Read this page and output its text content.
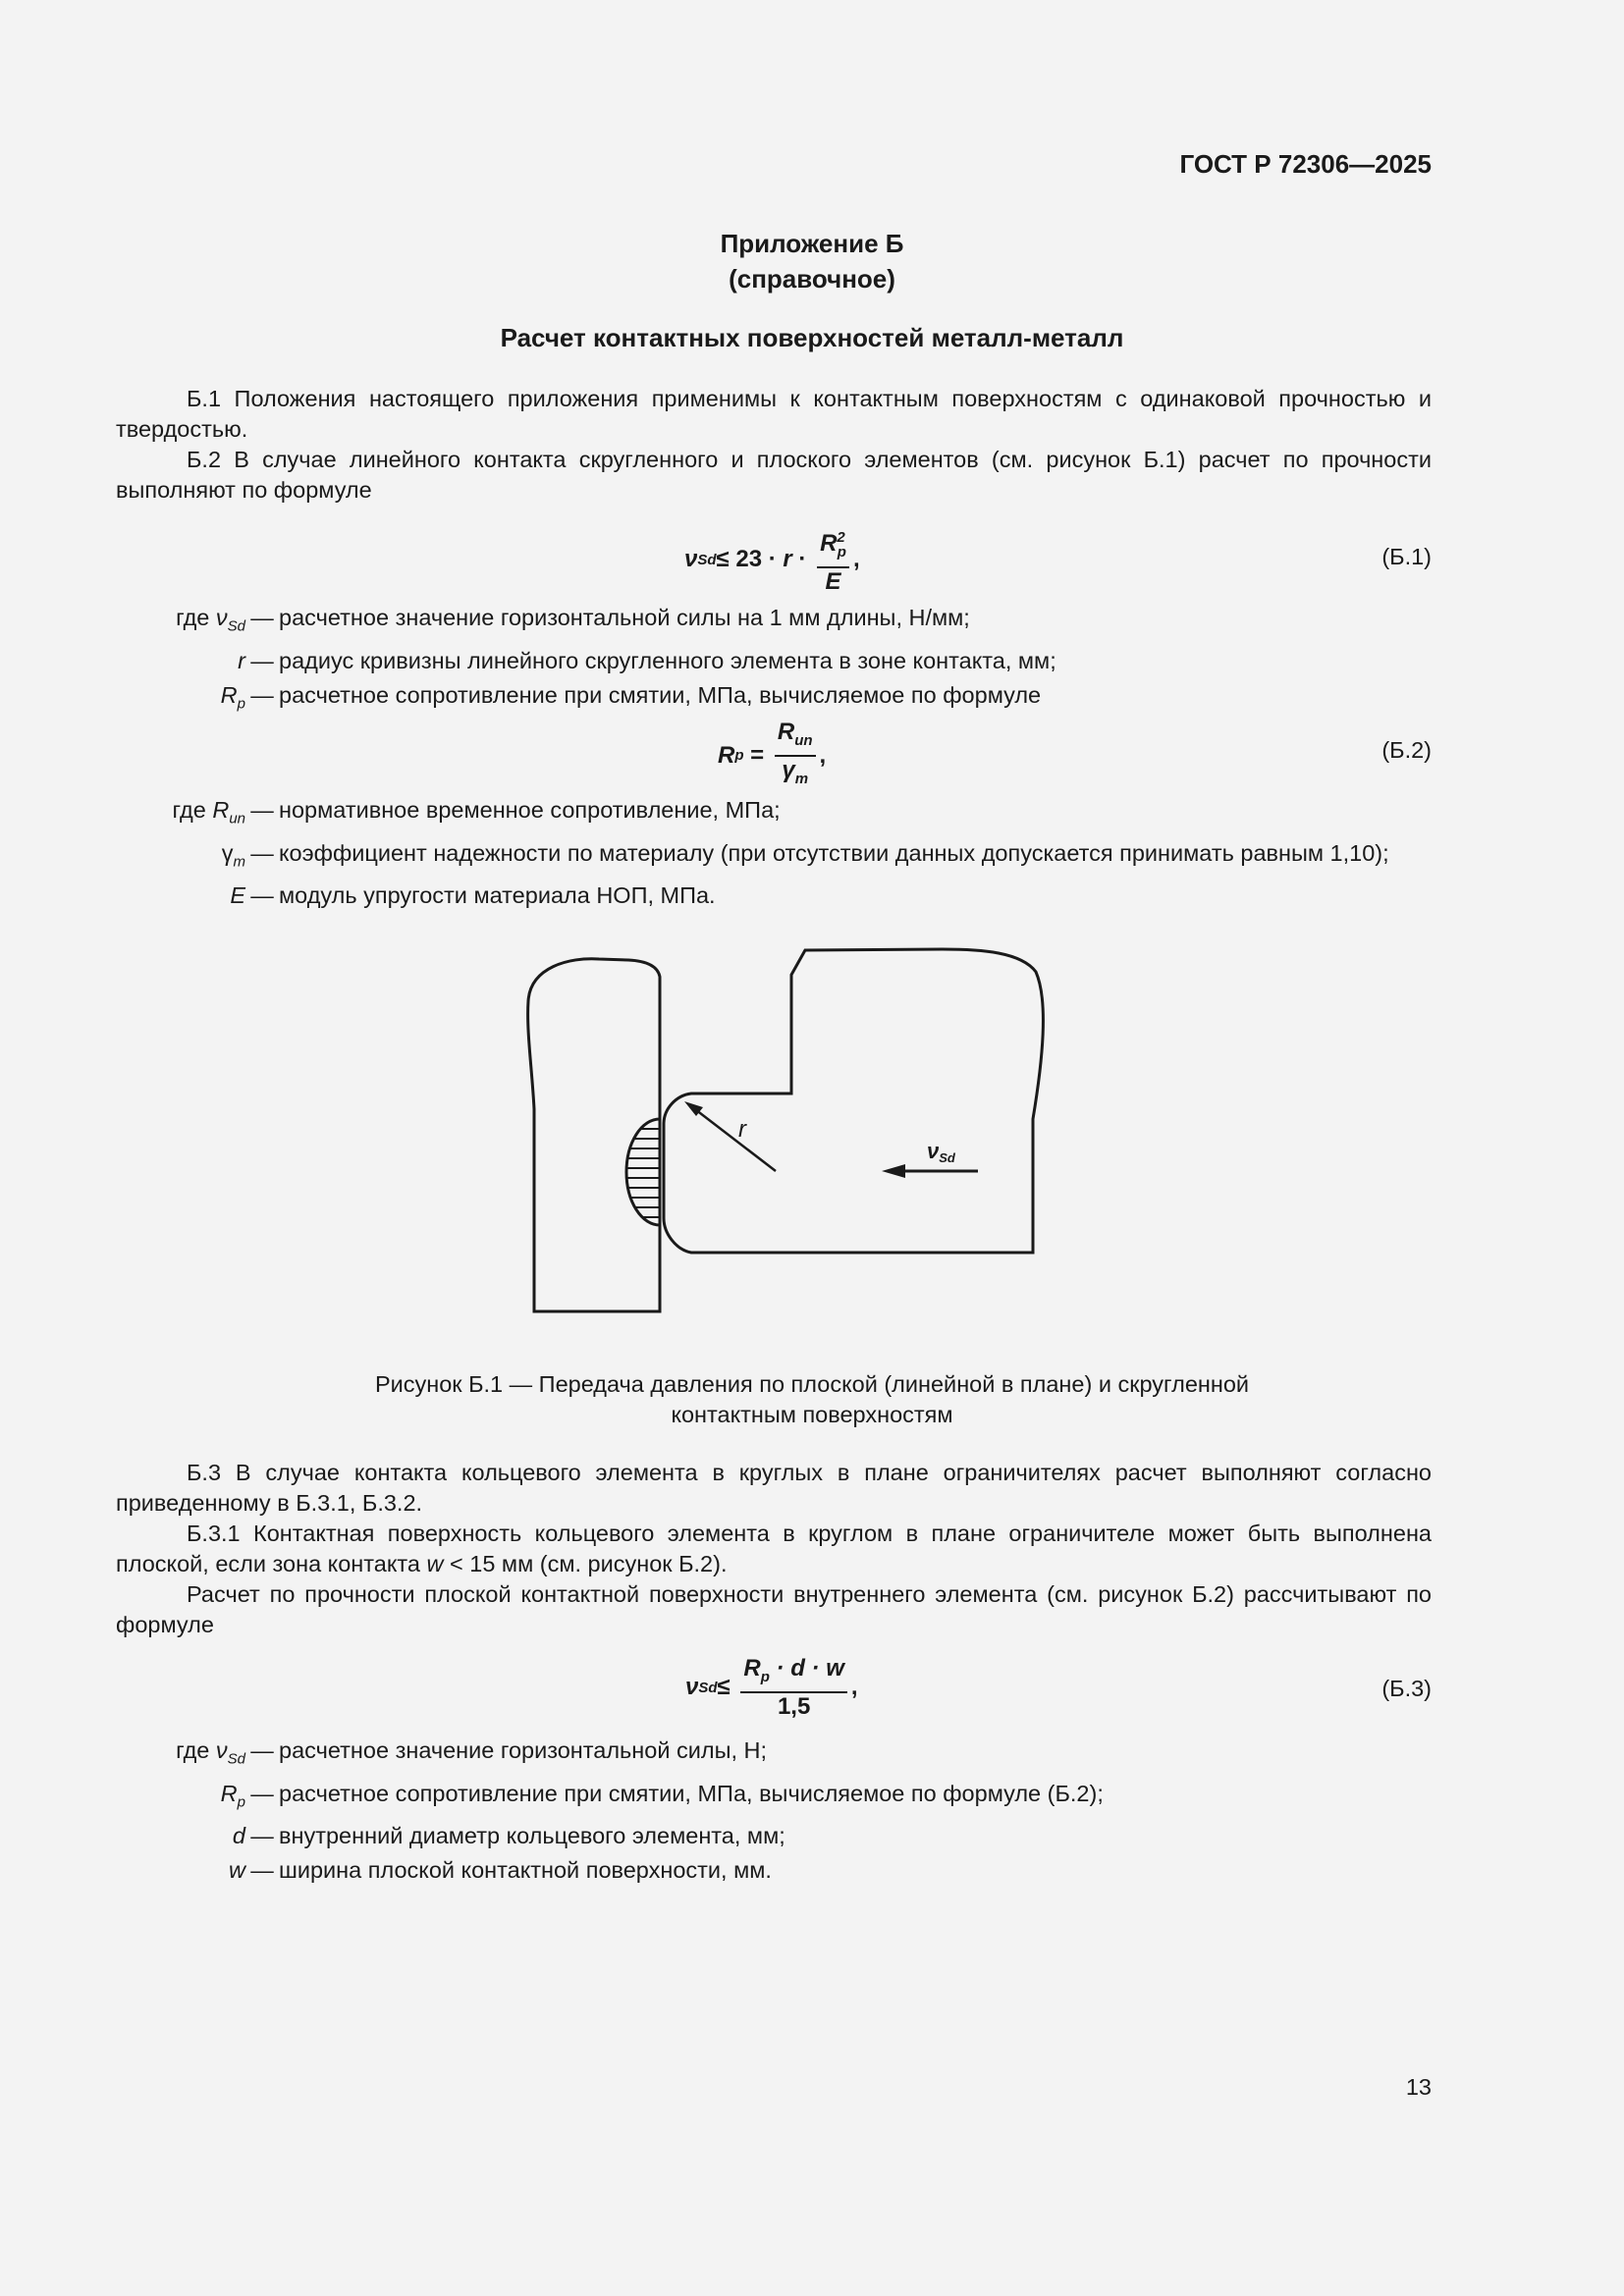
ГОСТ Р 72306—2025
Приложение Б
(справочное)
Расчет контактных поверхностей металл-металл
Б.1 Положения настоящего приложения применимы к контактным поверхностям с одинаковой прочностью и твердостью.
Б.2 В случае линейного контакта скругленного и плоского элементов (см. рисунок Б.1) расчет по прочности выполняют по формуле
ν $Sd \le 23 \cdot r \cdot \frac{R^2_p}{E}$ ,	(Б.1)
где $\nu_{Sd}$ — расчетное значение горизонтальной силы на 1 мм длины, Н/мм;
r — радиус кривизны линейного скругленного элемента в зоне контакта, мм;
$R_p$ — расчетное сопротивление при смятии, МПа, вычисляемое по формуле
R $p = \frac{R_{un}}{\gamma_m}$ ,	(Б.2)
где $R_{un}$ — нормативное временное сопротивление, МПа;
$\gamma_m$ — коэффициент надежности по материалу (при отсутствии данных допускается принимать равным 1,10);
E — модуль упругости материала НОП, МПа.
r
νSd
Рисунок Б.1 — Передача давления по плоской (линейной в плане) и скругленной
контактным поверхностям
Б.3 В случае контакта кольцевого элемента в круглых в плане ограничителях расчет выполняют согласно приведенному в Б.3.1, Б.3.2.
Б.3.1 Контактная поверхность кольцевого элемента в круглом в плане ограничителе может быть выполнена плоской, если зона контакта w < 15 мм (см. рисунок Б.2).
Расчет по прочности плоской контактной поверхности внутреннего элемента (см. рисунок Б.2) рассчитывают по формуле
ν $Sd \le \frac{R_p \cdot d \cdot w}{1,5}$ ,	(Б.3)
где $\nu_{Sd}$ — расчетное значение горизонтальной силы, Н;
$R_p$ — расчетное сопротивление при смятии, МПа, вычисляемое по формуле (Б.2);
d — внутренний диаметр кольцевого элемента, мм;
w — ширина плоской контактной поверхности, мм.
13
